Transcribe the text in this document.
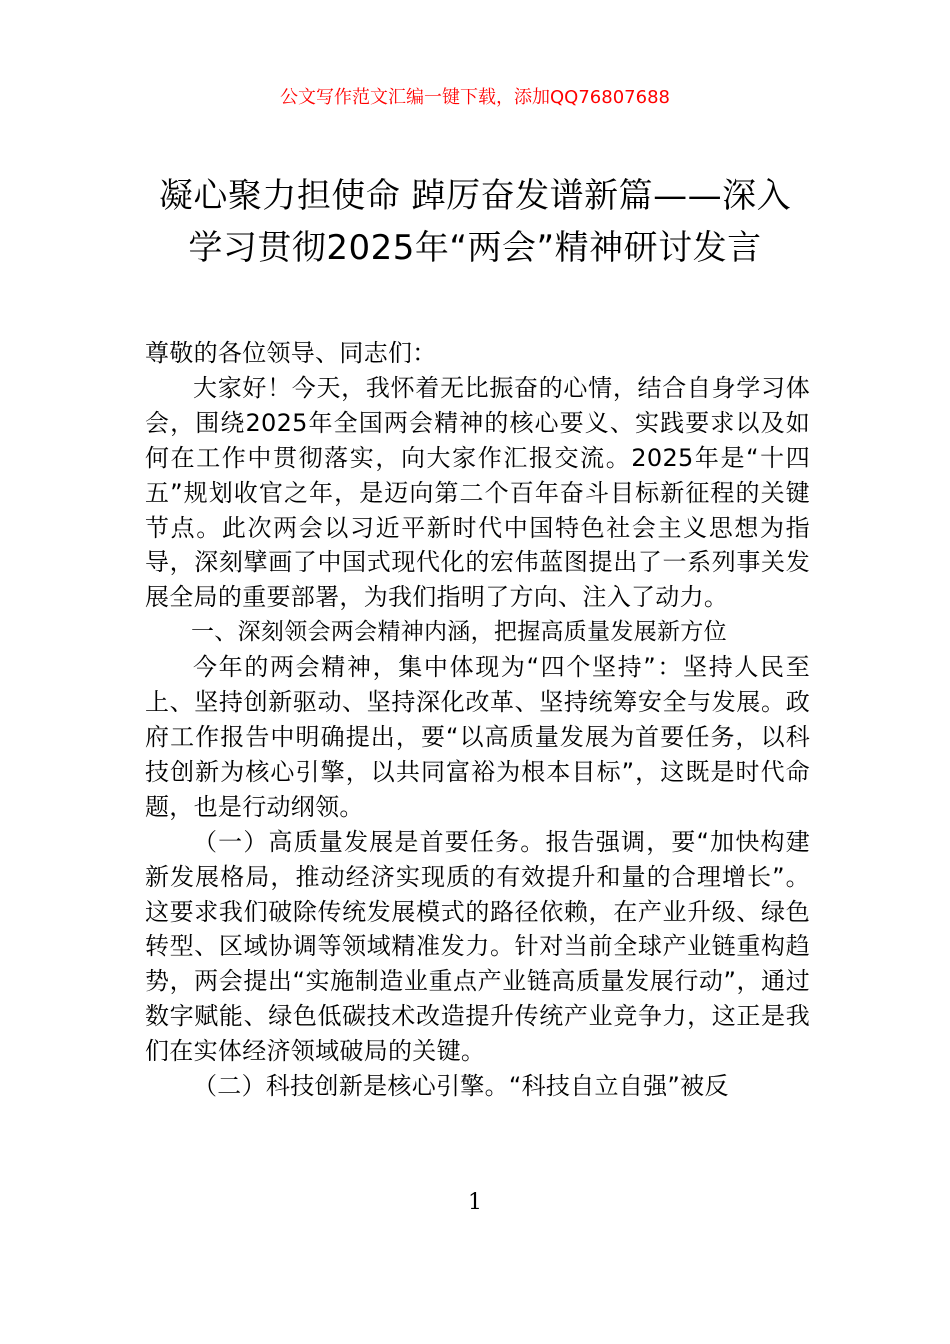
公文写作范文汇编一键下载，添加QQ76807688
凝心聚力担使命 踔厉奋发谱新篇——深入
学习贯彻2025年“两会”精神研讨发言

尊敬的各位领导、同志们：

大家好！今天，我怀着无比振奋的心情，结合自身学习体会，围绕2025年全国两会精神的核心要义、实践要求以及如何在工作中贯彻落实，向大家作汇报交流。2025年是“十四五”规划收官之年，是迈向第二个百年奋斗目标新征程的关键节点。此次两会以习近平新时代中国特色社会主义思想为指导，深刻擘画了中国式现代化的宏伟蓝图提出了一系列事关发展全局的重要部署，为我们指明了方向、注入了动力。

一、深刻领会两会精神内涵，把握高质量发展新方位

今年的两会精神，集中体现为“四个坚持”：坚持人民至上、坚持创新驱动、坚持深化改革、坚持统筹安全与发展。政府工作报告中明确提出，要“以高质量发展为首要任务，以科技创新为核心引擎，以共同富裕为根本目标”，这既是时代命题，也是行动纲领。

（一）高质量发展是首要任务。报告强调，要“加快构建新发展格局，推动经济实现质的有效提升和量的合理增长”。这要求我们破除传统发展模式的路径依赖，在产业升级、绿色转型、区域协调等领域精准发力。针对当前全球产业链重构趋势，两会提出“实施制造业重点产业链高质量发展行动”，通过数字赋能、绿色低碳技术改造提升传统产业竞争力，这正是我们在实体经济领域破局的关键。

（二）科技创新是核心引擎。“科技自立自强”被反

1
